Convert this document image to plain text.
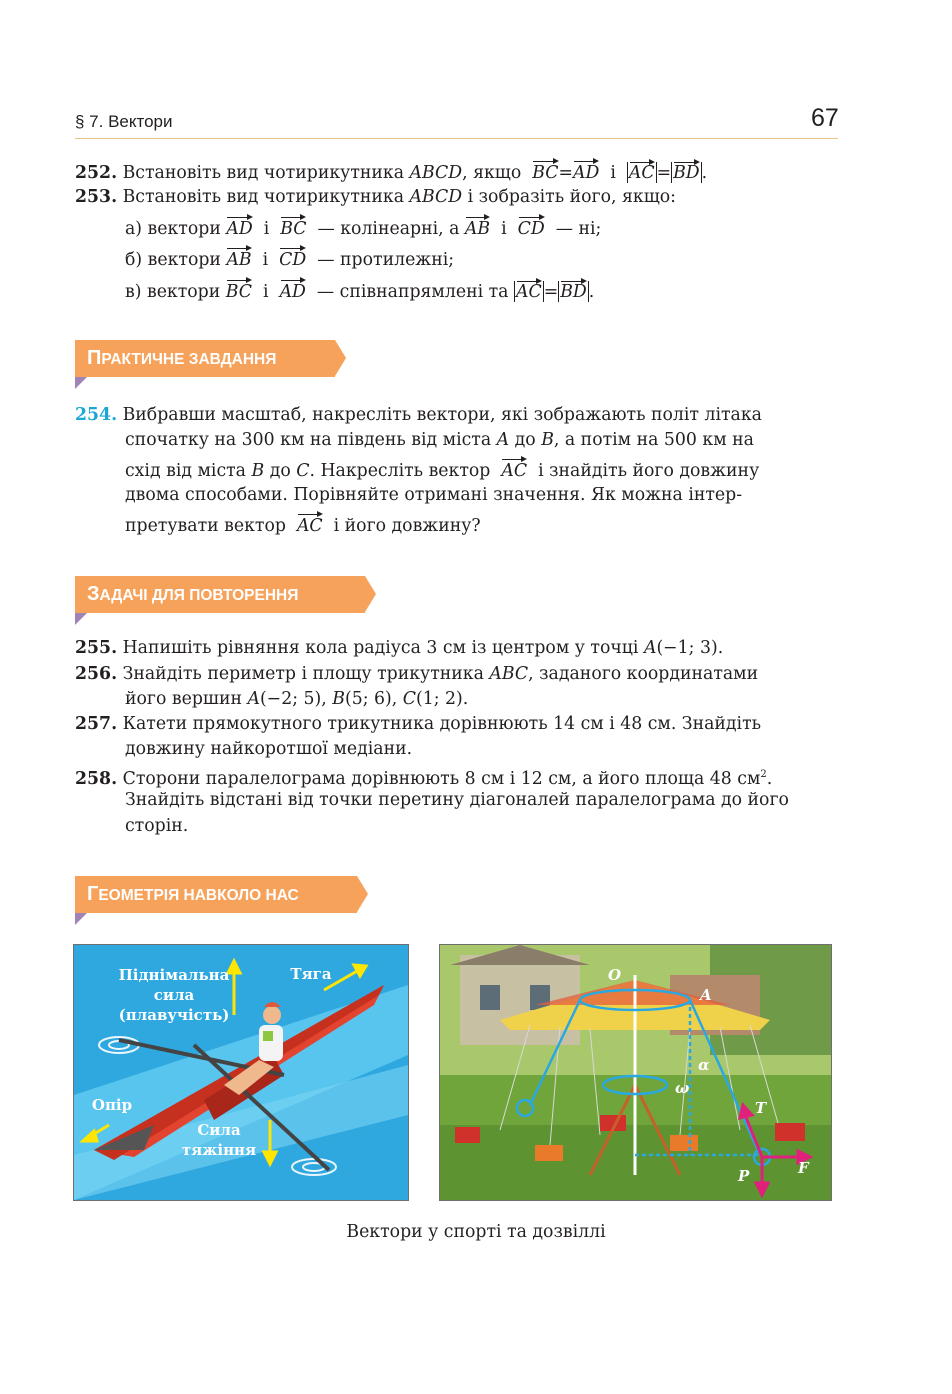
§ 7. Вектори	67
252. Встановіть вид чотирикутника ABCD, якщо BC=AD і AC = BD .
253. Встановіть вид чотирикутника ABCD і зобразіть його, якщо:
а) вектори AD і BC — колінеарні, а AB і CD — ні;
б) вектори AB і CD — протилежні;
в) вектори BC і AD — співнапрямлені та AC = BD .
ПРАКТИЧНЕ ЗАВДАННЯ
254. Вибравши масштаб, накресліть вектори, які зображають політ літака
спочатку на 300 км на південь від міста A до B, а потім на 500 км на
схід від міста B до C. Накресліть вектор AC і знайдіть його довжину
двома способами. Порівняйте отримані значення. Як можна інтер-
претувати вектор AC і його довжину?
ЗАДАЧІ ДЛЯ ПОВТОРЕННЯ
255. Напишіть рівняння кола радіуса 3 см із центром у точці A(−1; 3).
256. Знайдіть периметр і площу трикутника ABC, заданого координатами
його вершин A(−2; 5), B(5; 6), C(1; 2).
257. Катети прямокутного трикутника дорівнюють 14 см і 48 см. Знайдіть
довжину найкоротшої медіани.
258. Сторони паралелограма дорівнюють 8 см і 12 см, а його площа 48 $см^2$.
Знайдіть відстані від точки перетину діагоналей паралелограма до його
сторін.
ГЕОМЕТРІЯ НАВКОЛО НАС
Піднімальна
сила
(плавучість)
Тяга
Опір
Сила
тяжіння
O
A
α
ω
T
F
P
Вектори у спорті та дозвіллі
